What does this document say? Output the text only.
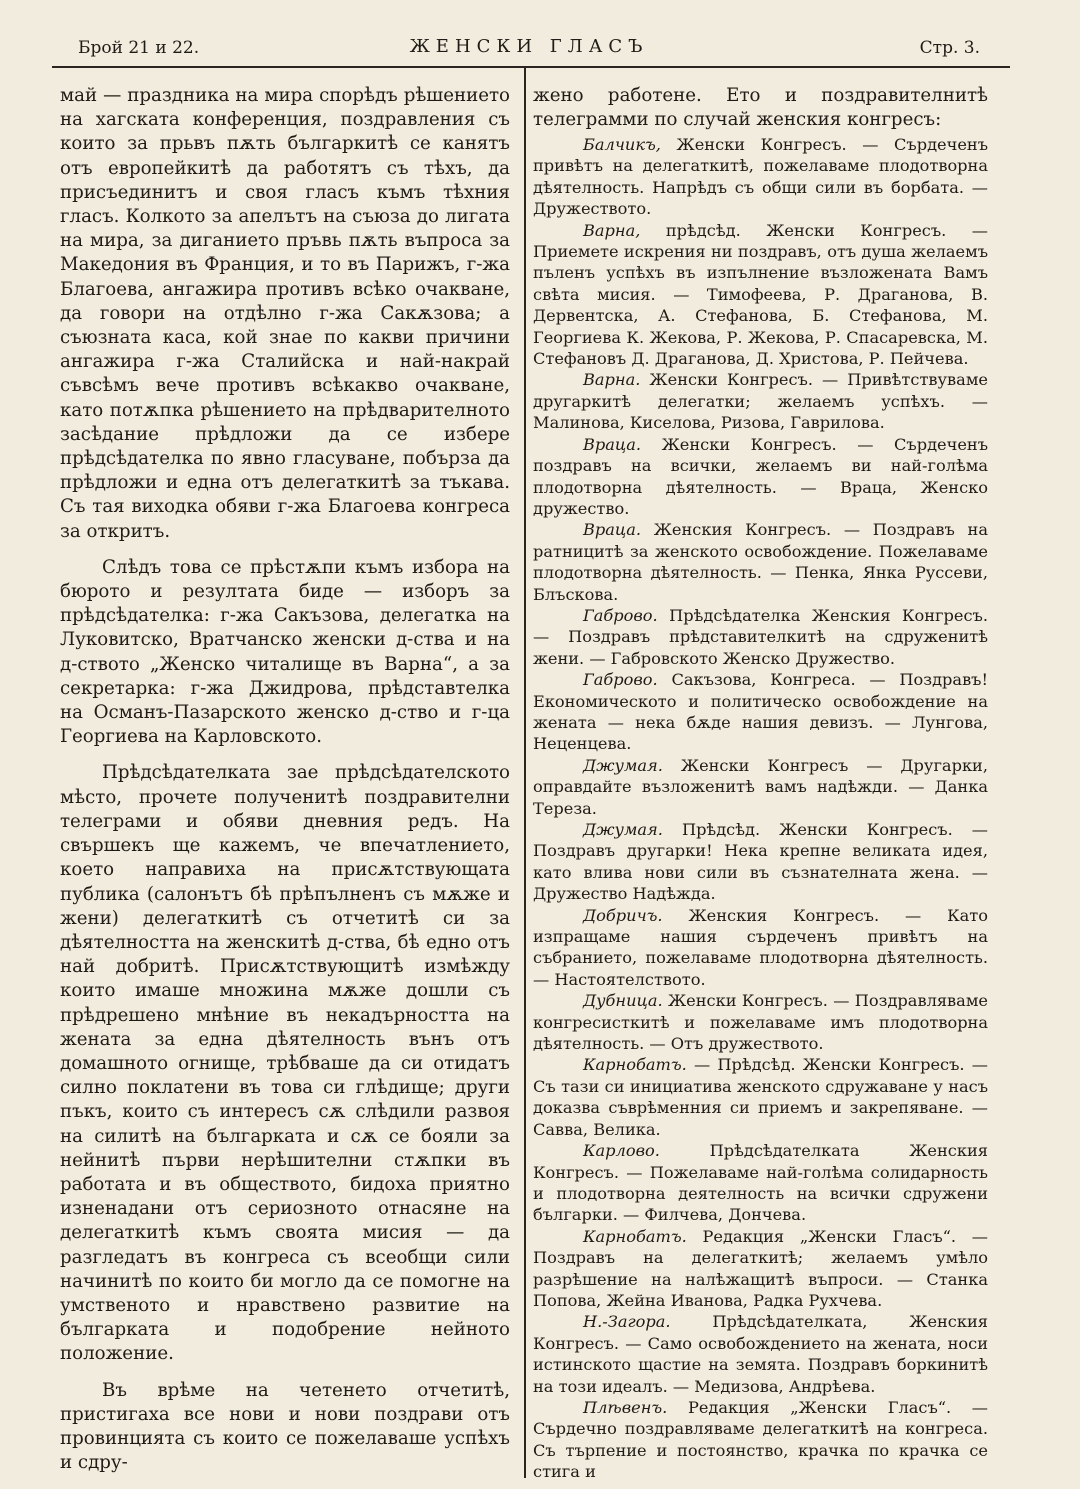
Брой 21 и 22.	ЖЕНСКИ ГЛАСЪ	Стр. 3.

май — праздника на мира спорѣдъ рѣшението на хагската конференция, поздравления съ които за прьвъ пѫть българкитѣ се канятъ отъ европейкитѣ да работятъ съ тѣхъ, да присъединитъ и своя гласъ къмъ тѣхния гласъ. Колкото за апелътъ на съюза до лигата на мира, за диганието пръвь пѫть въпроса за Македония въ Франция, и то въ Парижъ, г-жа Благоева, ангажира противъ всѣко очакване, да говори на отдѣлно г-жа Сакѫзова; а съюзната каса, кой знае по какви причини ангажира г-жа Сталийска и най-накрай съвсѣмъ вече противъ всѣкакво очакване, като потѫпка рѣшението на прѣдварителното засѣдание прѣдложи да се избере прѣдсѣдателка по явно гласуване, побърза да прѣдложи и една отъ делегаткитѣ за тъкава. Съ тая виходка обяви г-жа Благоева конгреса за откритъ.

Слѣдъ това се прѣстѫпи къмъ избора на бюрото и резултата биде — изборъ за прѣдсѣдателка: г-жа Сакъзова, делегатка на Луковитско, Вратчанско женски д-ства и на д-ството „Женско читалище въ Варна“, а за секретарка: г-жа Джидрова, прѣдставтелка на Османъ-Пазарското женско д-ство и г-ца Георгиева на Карловското.

Прѣдсѣдателката зае прѣдсѣдателското мѣсто, прочете полученитѣ поздравителни телеграми и обяви дневния редъ. На свършекъ ще кажемъ, че впечатлението, което направиха на присѫтствующата публика (салонътъ бѣ прѣпълненъ съ мѫже и жени) делегаткитѣ съ отчетитѣ си за дѣятелността на женскитѣ д-ства, бѣ едно отъ най добритѣ. Присѫтствующитѣ измѣжду които имаше множина мѫже дошли съ прѣдрешено мнѣние въ некадърността на жената за една дѣятелность вънъ отъ домашното огнище, трѣбваше да си отидатъ силно поклатени въ това си глѣдище; други пъкъ, които съ интересъ сѫ слѣдили развоя на силитѣ на българката и сѫ се бояли за нейнитѣ първи нерѣшителни стѫпки въ работата и въ обществото, бидоха приятно изненадани отъ сериозното отнасяне на делегаткитѣ къмъ своята мисия — да разгледатъ въ конгреса съ всеобщи сили начинитѣ по които би могло да се помогне на умственото и нравствено развитие на българката и подобрение нейното положение.

Въ врѣме на четенето отчетитѣ, пристигаха все нови и нови поздрави отъ провинцията съ които се пожелаваше успѣхъ и сдру-

жено работене. Ето и поздравителнитѣ телеграмми по случай женския конгресъ:

Балчикъ, Женски Конгресъ. — Сърдеченъ привѣтъ на делегаткитѣ, пожелаваме плодотворна дѣятелность. Напрѣдъ съ общи сили въ борбата. — Дружеството.

Варна, прѣдсѣд. Женски Конгресъ. — Приемете искрения ни поздравъ, отъ душа желаемъ пъленъ успѣхъ въ изпълнение възложената Вамъ свѣта мисия. — Тимофеева, Р. Драганова, В. Дервентска, А. Стефанова, Б. Стефанова, М. Георгиева К. Жекова, Р. Жекова, Р. Спасаревска, М. Стефановъ Д. Драганова, Д. Христова, Р. Пейчева.

Варна. Женски Конгресъ. — Привѣтствуваме другаркитѣ делегатки; желаемъ успѣхъ. — Малинова, Киселова, Ризова, Гаврилова.

Враца. Женски Конгресъ. — Сърдеченъ поздравъ на всички, желаемъ ви най-голѣма плодотворна дѣятелность. — Враца, Женско дружество.

Враца. Женския Конгресъ. — Поздравъ на ратницитѣ за женското освобождение. Пожелаваме плодотворна дѣятелность. — Пенка, Янка Руссеви, Блъскова.

Габрово. Прѣдсѣдателка Женския Конгресъ. — Поздравъ прѣдставителкитѣ на сдруженитѣ жени. — Габровското Женско Дружество.

Габрово. Сакъзова, Конгреса. — Поздравъ! Економическото и политическо освобождение на жената — нека бѫде нашия девизъ. — Лунгова, Неценцева.

Джумая. Женски Конгресъ — Другарки, оправдайте възложенитѣ вамъ надѣжди. — Данка Тереза.

Джумая. Прѣдсѣд. Женски Конгресъ. — Поздравъ другарки! Нека крепне великата идея, като влива нови сили въ съзнателната жена. — Дружество Надѣжда.

Добричъ. Женския Конгресъ. — Като изпращаме нашия сърдеченъ привѣтъ на събранието, пожелаваме плодотворна дѣятелность. — Настоятелството.

Дубница. Женски Конгресъ. — Поздравляваме конгресисткитѣ и пожелаваме имъ плодотворна дѣятелность. — Отъ дружеството.

Карнобатъ. — Прѣдсѣд. Женски Конгресъ. — Съ тази си инициатива женското сдружаване у насъ доказва съврѣменния си приемъ и закрепяване. — Савва, Велика.

Карлово. Прѣдсѣдателката Женския Конгресъ. — Пожелаваме най-голѣма солидарность и плодотворна деятелность на всички сдружени българки. — Филчева, Дончева.

Карнобатъ. Редакция „Женски Гласъ“. — Поздравъ на делегаткитѣ; желаемъ умѣло разрѣшение на налѣжащитѣ въпроси. — Станка Попова, Жейна Иванова, Радка Рухчева.

Н.-Загора. Прѣдсѣдателката, Женския Конгресъ. — Само освобождението на жената, носи истинското щастие на земята. Поздравъ боркинитѣ на този идеалъ. — Медизова, Андрѣева.

Плѣвенъ. Редакция „Женски Гласъ“. — Сърдечно поздравляваме делегаткитѣ на конгреса. Съ търпение и постоянство, крачка по крачка се стига и
